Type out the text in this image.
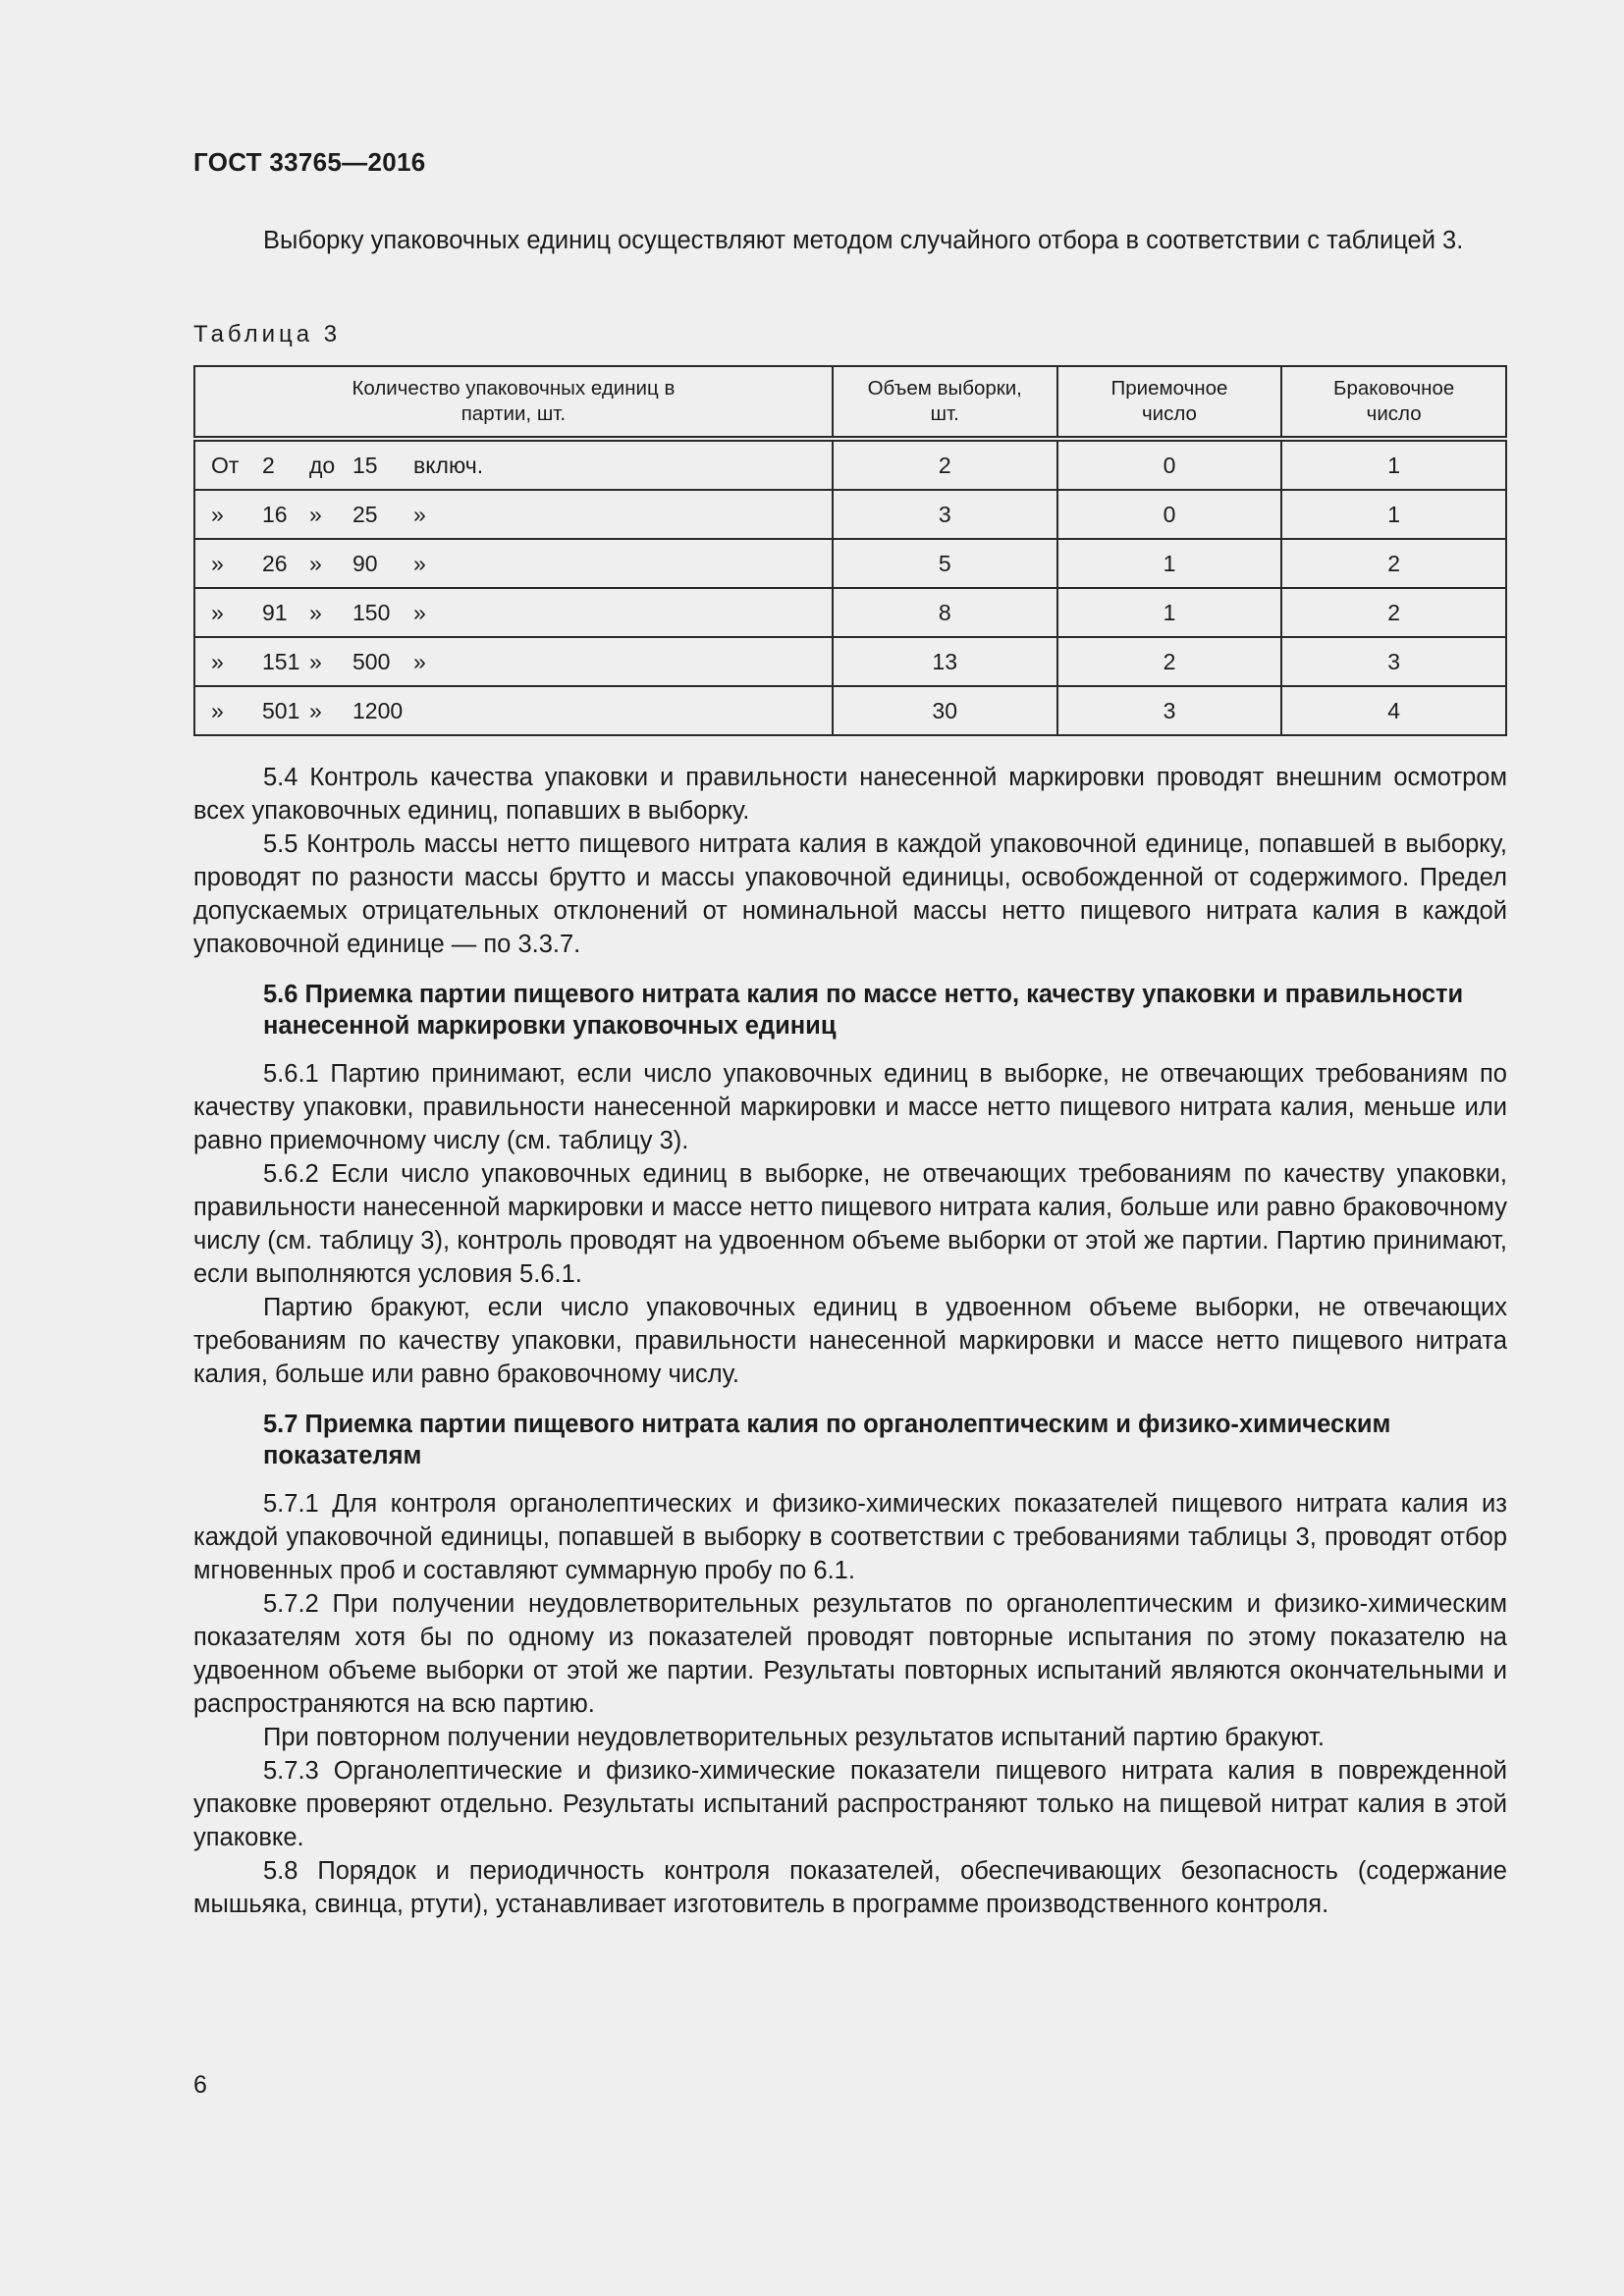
ГОСТ 33765—2016

Выборку упаковочных единиц осуществляют методом случайного отбора в соответствии с таблицей 3.

Таблица 3

Количество упаковочных единиц в партии, шт.	Объем выборки, шт.	Приемочное число	Браковочное число

От 2 до 15 включ.	2	0	1
» 16 » 25 »	3	0	1
» 26 » 90 »	5	1	2
» 91 » 150 »	8	1	2
» 151 » 500 »	13	2	3
» 501 » 1200	30	3	4

5.4 Контроль качества упаковки и правильности нанесенной маркировки проводят внешним осмотром всех упаковочных единиц, попавших в выборку.

5.5 Контроль массы нетто пищевого нитрата калия в каждой упаковочной единице, попавшей в выборку, проводят по разности массы брутто и массы упаковочной единицы, освобожденной от содержимого. Предел допускаемых отрицательных отклонений от номинальной массы нетто пищевого нитрата калия в каждой упаковочной единице — по 3.3.7.

5.6 Приемка партии пищевого нитрата калия по массе нетто, качеству упаковки и правильности нанесенной маркировки упаковочных единиц

5.6.1 Партию принимают, если число упаковочных единиц в выборке, не отвечающих требованиям по качеству упаковки, правильности нанесенной маркировки и массе нетто пищевого нитрата калия, меньше или равно приемочному числу (см. таблицу 3).

5.6.2 Если число упаковочных единиц в выборке, не отвечающих требованиям по качеству упаковки, правильности нанесенной маркировки и массе нетто пищевого нитрата калия, больше или равно браковочному числу (см. таблицу 3), контроль проводят на удвоенном объеме выборки от этой же партии. Партию принимают, если выполняются условия 5.6.1.

Партию бракуют, если число упаковочных единиц в удвоенном объеме выборки, не отвечающих требованиям по качеству упаковки, правильности нанесенной маркировки и массе нетто пищевого нитрата калия, больше или равно браковочному числу.

5.7 Приемка партии пищевого нитрата калия по органолептическим и физико-химическим показателям

5.7.1 Для контроля органолептических и физико-химических показателей пищевого нитрата калия из каждой упаковочной единицы, попавшей в выборку в соответствии с требованиями таблицы 3, проводят отбор мгновенных проб и составляют суммарную пробу по 6.1.

5.7.2 При получении неудовлетворительных результатов по органолептическим и физико-химическим показателям хотя бы по одному из показателей проводят повторные испытания по этому показателю на удвоенном объеме выборки от этой же партии. Результаты повторных испытаний являются окончательными и распространяются на всю партию.

При повторном получении неудовлетворительных результатов испытаний партию бракуют.

5.7.3 Органолептические и физико-химические показатели пищевого нитрата калия в поврежденной упаковке проверяют отдельно. Результаты испытаний распространяют только на пищевой нитрат калия в этой упаковке.

5.8 Порядок и периодичность контроля показателей, обеспечивающих безопасность (содержание мышьяка, свинца, ртути), устанавливает изготовитель в программе производственного контроля.

6
